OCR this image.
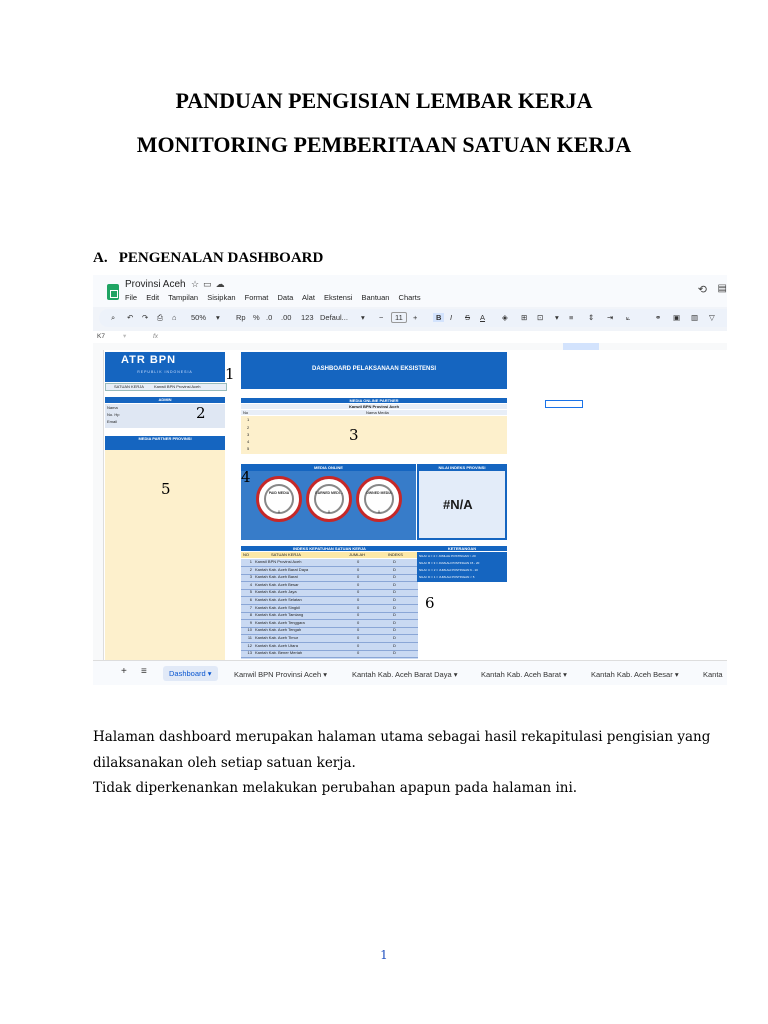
PANDUAN PENGISIAN LEMBAR KERJA
MONITORING PEMBERITAAN SATUAN KERJA
A. PENGENALAN DASHBOARD
Provinsi Aceh ☆▭☁
File Edit Tampilan Sisipkan Format Data Alat Ekstensi Bantuan Charts
⟲ ▤
⌕ ↶ ↷ ⎙ ⌂ 50% ▾ Rp % .0 .00 123 Defaul... ▾ −	11	+	B	I S A ◈ ⊞ ⊡ ▾ ≡ ⇕ ⇥ ⟀	⚭ ▣ ▥ ▽
K7	▾	fx
ATR BPN
REPUBLIK INDONESIA
SATUAN KERJA	Kanwil BPN Provinsi Aceh
ADMIN
Nama
No. Hp
Email
MEDIA PARTNER PROVINSI
DASHBOARD PELAKSANAAN EKSISTENSI
MEDIA ONLINE PARTNER
Kanwil BPN Provinsi Aceh
No	Nama Media
1
2
3
4
5
MEDIA ONLINE
PAID MEDIA
0
EARNED MEDI...
0
OWNED MEDIA
0
NILAI INDEKS PROVINSI
#N/A
INDEKS KEPATUHAN SATUAN KERJA
NO	SATUAN KERJA	JUMLAH	INDEKS
1 Kanwil BPN Provinsi Aceh	0	D
2 Kantah Kab. Aceh Barat Daya	0	D
3 Kantah Kab. Aceh Barat	0	D
4 Kantah Kab. Aceh Besar	0	D
5 Kantah Kab. Aceh Jaya	0	D
6 Kantah Kab. Aceh Selatan	0	D
7 Kantah Kab. Aceh Singkil	0	D
8 Kantah Kab. Aceh Tamiang	0	D
9 Kantah Kab. Aceh Tenggara	0	D
10 Kantah Kab. Aceh Tengah	0	D
11 Kantah Kab. Aceh Timur	0	D
12 Kantah Kab. Aceh Utara	0	D
13 Kantah Kab. Bener Meriah	0	D
KETERANGAN
NILAI: A = 4 = JUMLAH POSTINGAN > 20
NILAI: B = 3 = JUMLAH POSTINGAN 15 - 20
NILAI: C = 2 = JUMLAH POSTINGAN 6 - 10
NILAI: D = 1 = JUMLAH POSTINGAN < 5
1
2
3
4
5
6
+ ≡	Dashboard ▾	Kanwil BPN Provinsi Aceh ▾	Kantah Kab. Aceh Barat Daya ▾	Kantah Kab. Aceh Barat ▾	Kantah Kab. Aceh Besar ▾	Kanta
Halaman dashboard merupakan halaman utama sebagai hasil rekapitulasi pengisian yang
dilaksanakan oleh setiap satuan kerja.
Tidak diperkenankan melakukan perubahan apapun pada halaman ini.
1
